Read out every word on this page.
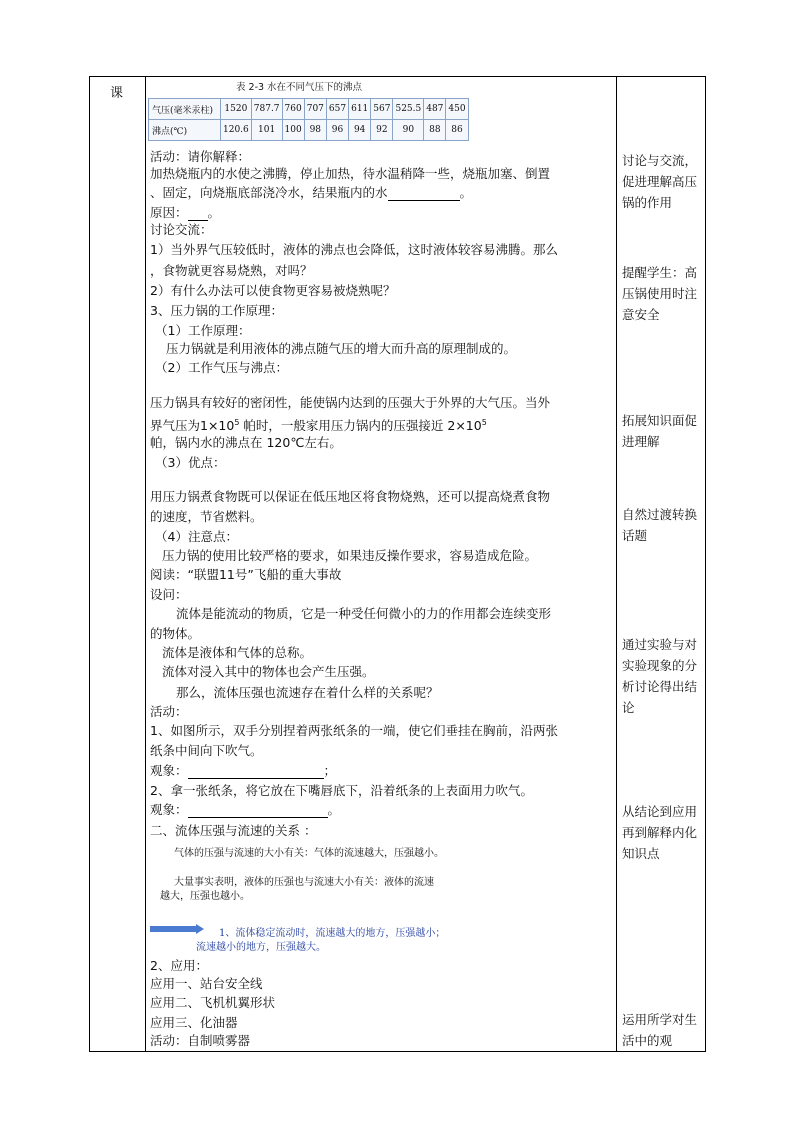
课	表 2-3 水在不同气压下的沸点
气压(毫米汞柱)	1520	787.7	760	707	657	611	567	525.5	487	450
沸点(℃)	120.6	101	100	98	96	94	92	90	88	86
活动：请你解释：
加热烧瓶内的水使之沸腾，停止加热，待水温稍降一些，烧瓶加塞、倒置
、固定，向烧瓶底部浇冷水，结果瓶内的水	。
原因： 。
讨论交流：
1）当外界气压较低时，液体的沸点也会降低，这时液体较容易沸腾。那么
，食物就更容易烧熟，对吗？
2）有什么办法可以使食物更容易被烧熟呢？
3、压力锅的工作原理：
（1）工作原理：
压力锅就是利用液体的沸点随气压的增大而升高的原理制成的。
（2）工作气压与沸点：
压力锅具有较好的密闭性，能使锅内达到的压强大于外界的大气压。当外
界气压为$1\times 10^5$ 帕时，一般家用压力锅内的压强接近 $2\times 10^5$
帕，锅内水的沸点在 120℃左右。
（3）优点：
用压力锅煮食物既可以保证在低压地区将食物烧熟，还可以提高烧煮食物
的速度，节省燃料。
（4）注意点：
压力锅的使用比较严格的要求，如果违反操作要求，容易造成危险。
阅读：“联盟11号”飞船的重大事故
设问：
流体是能流动的物质，它是一种受任何微小的力的作用都会连续变形
的物体。
流体是液体和气体的总称。
流体对浸入其中的物体也会产生压强。
那么，流体压强也流速存在着什么样的关系呢？
活动：
1、如图所示，双手分别捏着两张纸条的一端，使它们垂挂在胸前，沿两张
纸条中间向下吹气。
观象：	；
2、拿一张纸条，将它放在下嘴唇底下，沿着纸条的上表面用力吹气。
观象：	。
二、流体压强与流速的关系 ：
气体的压强与流速的大小有关：气体的流速越大，压强越小。
大量事实表明，液体的压强也与流速大小有关：液体的流速
越大，压强也越小。
1、流体稳定流动时，流速越大的地方，压强越小；
流速越小的地方，压强越大。
2、应用：
应用一、站台安全线
应用二、飞机机翼形状
应用三、化油器
活动：自制喷雾器
讨论与交流，促进理解高压锅的作用
提醒学生：高压锅使用时注意安全
拓展知识面促进理解
自然过渡转换话题
通过实验与对实验现象的分析讨论得出结论
从结论到应用再到解释内化知识点
运用所学对生活中的观
